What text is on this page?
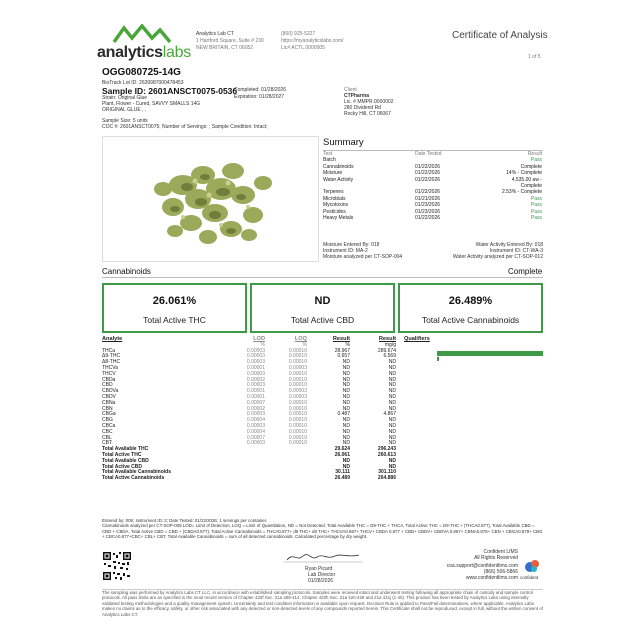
analyticslabs
Analytics Lab CT
1 Hartford Square, Suite # 230
NEW BRITAIN, CT 06052
(860) 925-5227
https://myanalyticslabs.com/
Lic# ACTL.0000005
Certificate of Analysis
1 of 5
OGG080725-14G
BioTrack Lot ID: 2639987000478453
Sample ID: 2601ANSCT0075-0536
Strain: Original Glue
Plant, Flower - Cured, SAVVY SMALLS 14G
ORIGINAL GLUE , ,
Completed: 01/28/2026
Expiration: 01/28/2027
Sample Size: 5 units
COC #: 2601ANSCT0075; Number of Servings: ; Sample Condition: Intact;
Client
CTPharma
Lic. # MMPR.0000002
280 Dividend Rd
Rocky Hill, CT 06067
Summary
Test	Date Tested	Result
Batch	Pass
Cannabinoids	01/22/2026	Complete
Moisture	01/22/2026	14% - Complete
Water Activity	01/22/2026	4,535.00 aw - Complete
Terpenes	01/22/2026	2.53% - Complete
Microbials	01/21/2026	Pass
Mycotoxins	01/23/2026	Pass
Pesticides	01/23/2026	Pass
Heavy Metals	01/22/2026	Pass
Moisture Entered By: 018
Instrument ID: MA-2
Moisture analyzed per CT-SOP-004
Water Activity Entered By: 018
Instrument ID: CT-WA-3
Water Activity analyzed per CT-SOP-012
Cannabinoids	Complete
26.061%
Total Active THC
ND
Total Active CBD
26.489%
Total Active Cannabinoids
Analyte	LOD	LOQ	Result	Result	Qualifiers
	%	%	%	mg/g	
THCa	0.00003	0.00010	28.967	289.674	
Δ9-THC	0.00003	0.00010	0.657	6.569	
Δ8-THC	0.00003	0.00010	ND	ND	
THCVa	0.00001	0.00003	ND	ND	
THCV	0.00003	0.00010	ND	ND	
CBDa	0.00002	0.00010	ND	ND	
CBD	0.00003	0.00010	ND	ND	
CBDVa	0.00001	0.00003	ND	ND	
CBDV	0.00001	0.00003	ND	ND	
CBNa	0.00007	0.00010	ND	ND	
CBN	0.00002	0.00010	ND	ND	
CBGa	0.00003	0.00010	0.487	4.867	
CBG	0.00004	0.00010	ND	ND	
CBCa	0.00003	0.00010	ND	ND	
CBC	0.00004	0.00010	ND	ND	
CBL	0.00007	0.00010	ND	ND	
CBT	0.00003	0.00010	ND	ND	
Total Available THC			29.624	296.243	
Total Active THC			26.061	260.613	
Total Available CBD			ND	ND	
Total Active CBD			ND	ND	
Total Available Cannabinoids			30.111	301.110	
Total Active Cannabinoids			26.489	264.886	
Entered by: 005; Instrument ID: 2; Date Tested: 01/22/2026; 1 servings per container.
Cannabinoids analyzed per CT-SOP-009 LOD= Limit of Detection, LOQ = Limit of Quantitation, ND = Not Detected, Total Available THC = D9-THC + THCA, Total Active THC = D9-THC + (THCA0.877), Total Available CBD = CBD + CBDA, Total Active CBD = CBD + (CBDA0.877), Total Active Cannabinoids = THCA0.877+ d9 THC+ d8 THC+ THCVA0.867+ THCV+ CBDA 0.877 + CBD+ CBDV+ CBDVA 0.867+ CBNA0.876+ CBN + CBGA0.878+ CBG + CBCA0.877+CBC+ CBL+ CBT. Total Available Cannabinoids = sum of all detected cannabinoids. Calculated percentage by dry weight.
Ryan Picard
Lab Director
01/28/2026
Confident LIMS
All Rights Reserved
coa.support@confidentlims.com
(866) 506-5866
www.confidentlims.com confident
The sampling was performed by Analytics Labs CT LLC, in accordance with established sampling protocols. Samples were received intact and underwent testing following all appropriate chain of custody and sample control protocols. All pass limits are as specified in the most recent version of Chapter 420f Sec. 21a 408-414, Chapter 420h Sec. 21a 420-429 and 21a 421j (1-40). This product has been tested by Analytics Labs using internally validated testing methodologies and a quality management system. Uncertainty and test condition information is available upon request. Decision Rule is applied to Pass/Fail determinations, where applicable. Analytics Labs makes no claims as to the efficacy, safety, or other risk associated with any detected or non-detected levels of any compounds reported herein. This Certificate shall not be reproduced, except in full, without the written consent of Analytics Labs CT.
